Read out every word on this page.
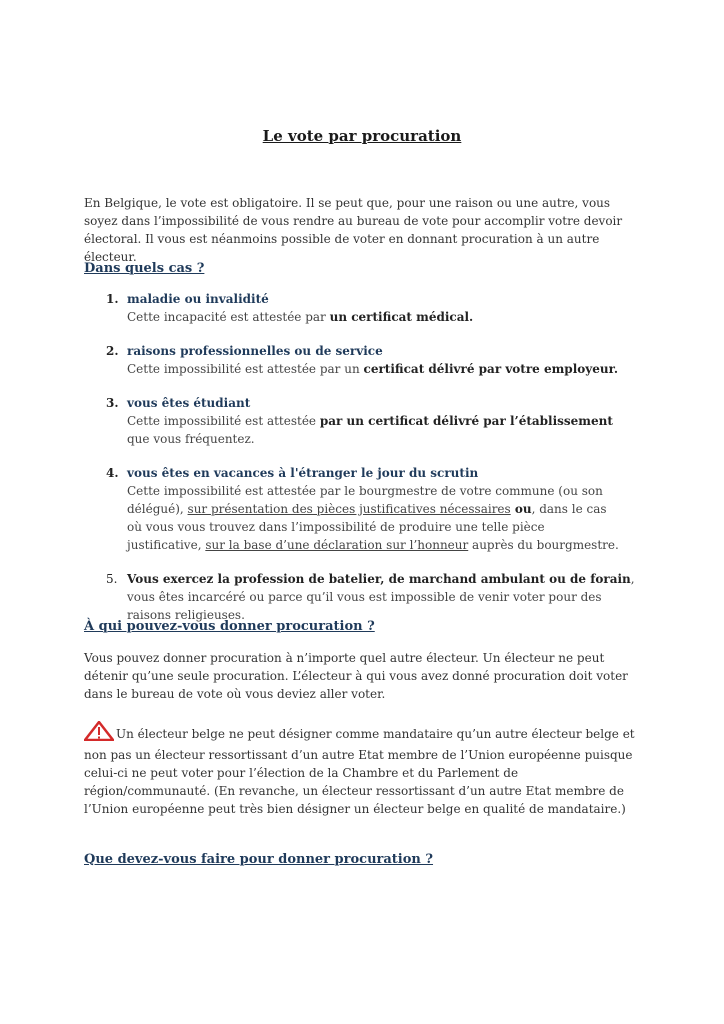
Le vote par procuration
En Belgique, le vote est obligatoire. Il se peut que, pour une raison ou une autre, vous soyez dans l’impossibilité de vous rendre au bureau de vote pour accomplir votre devoir électoral. Il vous est néanmoins possible de voter en donnant procuration à un autre électeur.
Dans quels cas ?
1. maladie ou invalidité
Cette incapacité est attestée par un certificat médical.
2. raisons professionnelles ou de service
Cette impossibilité est attestée par un certificat délivré par votre employeur.
3. vous êtes étudiant
Cette impossibilité est attestée par un certificat délivré par l’établissement que vous fréquentez.
4. vous êtes en vacances à l'étranger le jour du scrutin
Cette impossibilité est attestée par le bourgmestre de votre commune (ou son délégué), sur présentation des pièces justificatives nécessaires ou, dans le cas où vous vous trouvez dans l’impossibilité de produire une telle pièce justificative, sur la base d’une déclaration sur l’honneur auprès du bourgmestre.
5. Vous exercez la profession de batelier, de marchand ambulant ou de forain, vous êtes incarcéré ou parce qu’il vous est impossible de venir voter pour des raisons religieuses.
À qui pouvez-vous donner procuration ?
Vous pouvez donner procuration à n’importe quel autre électeur. Un électeur ne peut détenir qu’une seule procuration. L’électeur à qui vous avez donné procuration doit voter dans le bureau de vote où vous deviez aller voter.
Un électeur belge ne peut désigner comme mandataire qu’un autre électeur belge et non pas un électeur ressortissant d’un autre Etat membre de l’Union européenne puisque celui-ci ne peut voter pour l’élection de la Chambre et du Parlement de région/communauté. (En revanche, un électeur ressortissant d’un autre Etat membre de l’Union européenne peut très bien désigner un électeur belge en qualité de mandataire.)
Que devez-vous faire pour donner procuration ?
